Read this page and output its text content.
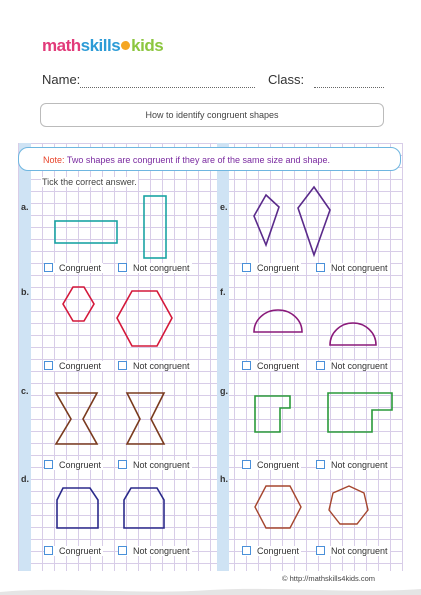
mathskills kids
Name:	Class:
How to identify congruent shapes
Note: Two shapes are congruent if they are of the same size and shape.
Tick the correct answer.
a.
b.
c.
d.
e.
f.
g.
h.
Congruent	Not congruent	Congruent	Not congruent
Congruent	Not congruent	Congruent	Not congruent
Congruent	Not congruent	Congruent	Not congruent
Congruent	Not congruent	Congruent	Not congruent
© http://mathskills4kids.com
